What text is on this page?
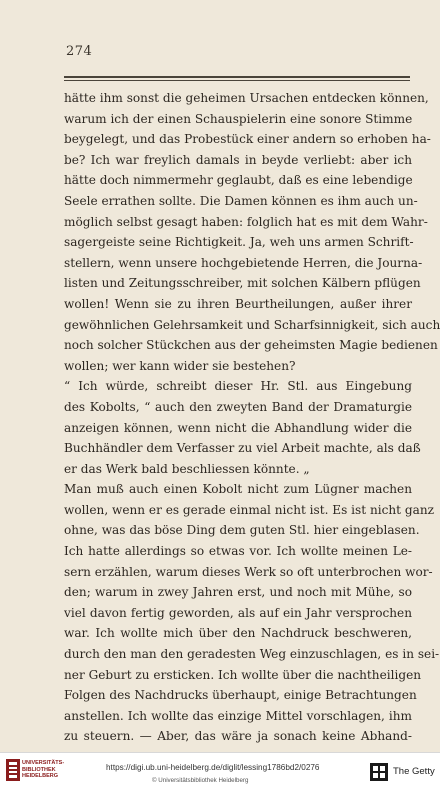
274
hätte ihm sonst die geheimen Ursachen entdecken können,
warum ich der einen Schauspielerin eine sonore Stimme
beygelegt, und das Probestück einer andern so erhoben ha-
be? Ich war freylich damals in beyde verliebt: aber ich
hätte doch nimmermehr geglaubt, daß es eine lebendige
Seele errathen sollte. Die Damen können es ihm auch un-
möglich selbst gesagt haben: folglich hat es mit dem Wahr-
sagergeiste seine Richtigkeit. Ja, weh uns armen Schrift-
stellern, wenn unsere hochgebietende Herren, die Journa-
listen und Zeitungsschreiber, mit solchen Kälbern pflügen
wollen! Wenn sie zu ihren Beurtheilungen, außer ihrer
gewöhnlichen Gelehrsamkeit und Scharfsinnigkeit, sich auch
noch solcher Stückchen aus der geheimsten Magie bedienen
wollen; wer kann wider sie bestehen?
“ Ich würde, schreibt dieser Hr. Stl. aus Eingebung
des Kobolts, “ auch den zweyten Band der Dramaturgie
anzeigen können, wenn nicht die Abhandlung wider die
Buchhändler dem Verfasser zu viel Arbeit machte, als daß
er das Werk bald beschliessen könnte. „
Man muß auch einen Kobolt nicht zum Lügner machen
wollen, wenn er es gerade einmal nicht ist. Es ist nicht ganz
ohne, was das böse Ding dem guten Stl. hier eingeblasen.
Ich hatte allerdings so etwas vor. Ich wollte meinen Le-
sern erzählen, warum dieses Werk so oft unterbrochen wor-
den; warum in zwey Jahren erst, und noch mit Mühe, so
viel davon fertig geworden, als auf ein Jahr versprochen
war. Ich wollte mich über den Nachdruck beschweren,
durch den man den geradesten Weg einzuschlagen, es in sei-
ner Geburt zu ersticken. Ich wollte über die nachtheiligen
Folgen des Nachdrucks überhaupt, einige Betrachtungen
anstellen. Ich wollte das einzige Mittel vorschlagen, ihm
zu steuern. — Aber, das wäre ja sonach keine Abhand-
UNIVERSITÄTS-
BIBLIOTHEK
HEIDELBERG
https://digi.ub.uni-heidelberg.de/diglit/lessing1786bd2/0276
© Universitätsbibliothek Heidelberg
The Getty
